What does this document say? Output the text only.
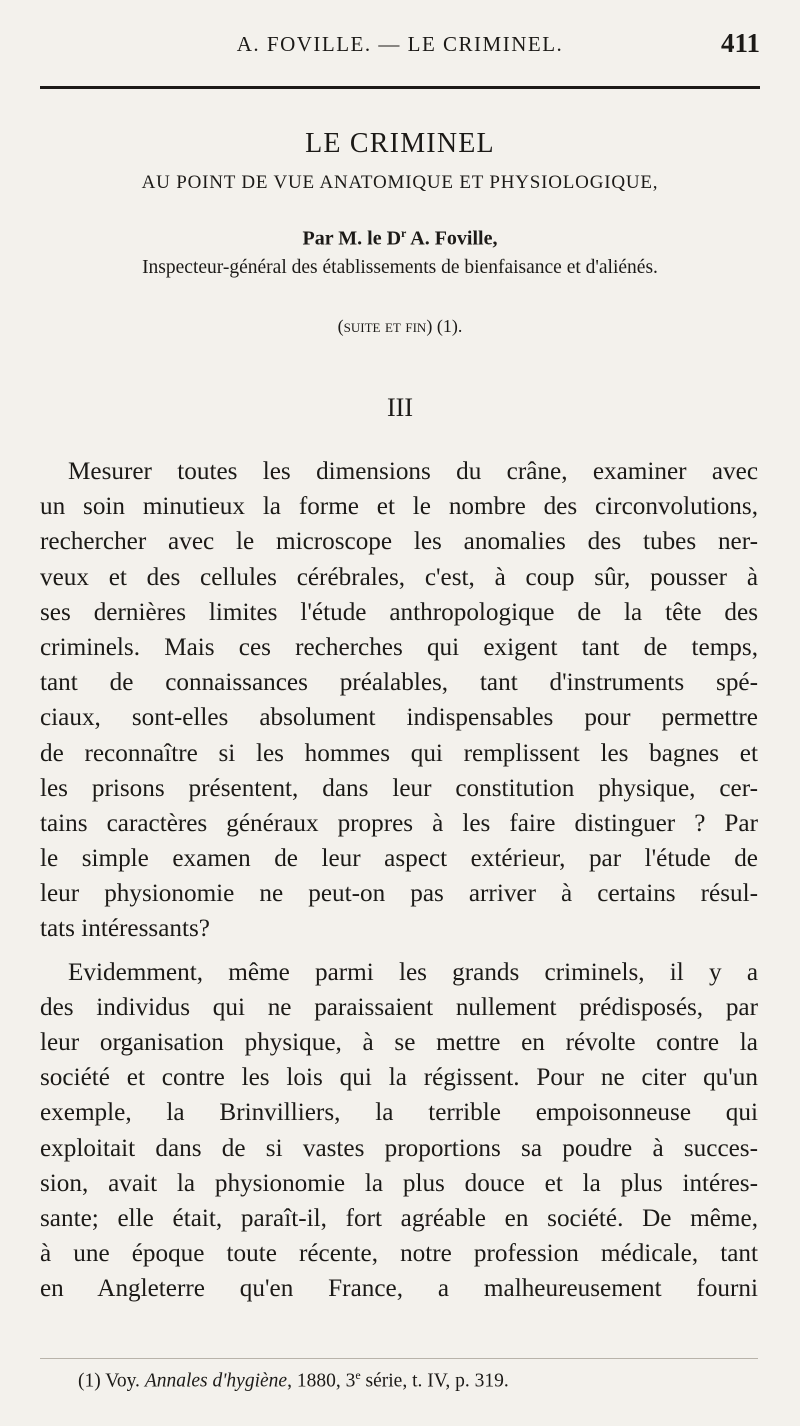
A. FOVILLE. — LE CRIMINEL.	411
LE CRIMINEL
AU POINT DE VUE ANATOMIQUE ET PHYSIOLOGIQUE,
Par M. le $D^r$ A. Foville,
Inspecteur-général des établissements de bienfaisance et d'aliénés.
(suite et fin) (1).
III
Mesurer toutes les dimensions du crâne, examiner avec
un soin minutieux la forme et le nombre des circonvolutions,
rechercher avec le microscope les anomalies des tubes ner-
veux et des cellules cérébrales, c'est, à coup sûr, pousser à
ses dernières limites l'étude anthropologique de la tête des
criminels. Mais ces recherches qui exigent tant de temps,
tant de connaissances préalables, tant d'instruments spé-
ciaux, sont-elles absolument indispensables pour permettre
de reconnaître si les hommes qui remplissent les bagnes et
les prisons présentent, dans leur constitution physique, cer-
tains caractères généraux propres à les faire distinguer ? Par
le simple examen de leur aspect extérieur, par l'étude de
leur physionomie ne peut-on pas arriver à certains résul-
tats intéressants?
Evidemment, même parmi les grands criminels, il y a
des individus qui ne paraissaient nullement prédisposés, par
leur organisation physique, à se mettre en révolte contre la
société et contre les lois qui la régissent. Pour ne citer qu'un
exemple, la Brinvilliers, la terrible empoisonneuse qui
exploitait dans de si vastes proportions sa poudre à succes-
sion, avait la physionomie la plus douce et la plus intéres-
sante; elle était, paraît-il, fort agréable en société. De même,
à une époque toute récente, notre profession médicale, tant
en Angleterre qu'en France, a malheureusement fourni
(1) Voy. Annales d'hygiène, 1880, 3e série, t. IV, p. 319.
